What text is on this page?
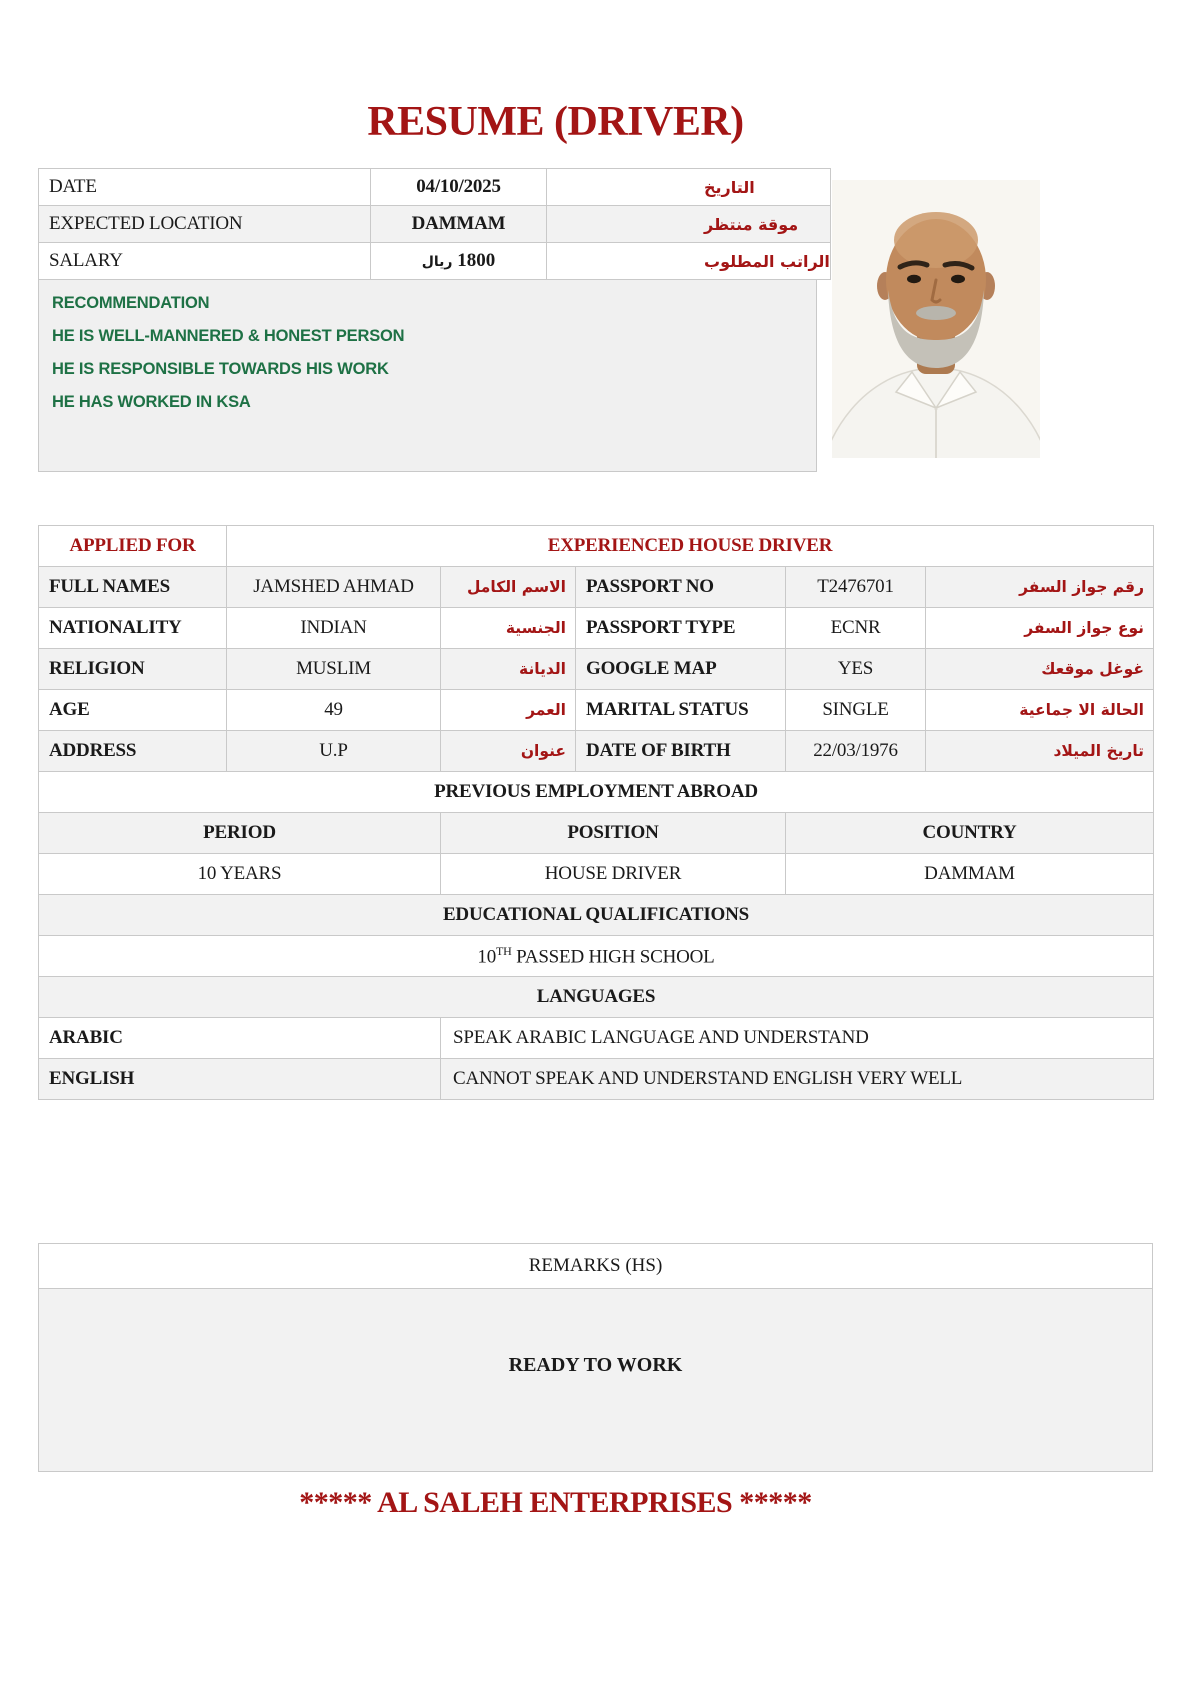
RESUME (DRIVER)
DATE	04/10/2025	التاريخ
EXPECTED LOCATION	DAMMAM	موقة منتظر
SALARY	ريال 1800	الراتب المطلوب

RECOMMENDATION

HE IS WELL-MANNERED & HONEST PERSON

HE IS RESPONSIBLE TOWARDS HIS WORK

HE HAS WORKED IN KSA

APPLIED FOR	EXPERIENCED HOUSE DRIVER				
FULL NAMES	JAMSHED AHMAD	الاسم الكامل	PASSPORT NO	T2476701	رقم جواز السفر
NATIONALITY	INDIAN	الجنسية	PASSPORT TYPE	ECNR	نوع جواز السفر
RELIGION	MUSLIM	الديانة	GOOGLE MAP	YES	غوغل موقعك
AGE	49	العمر	MARITAL STATUS	SINGLE	الحالة الا جماعية
ADDRESS	U.P	عنوان	DATE OF BIRTH	22/03/1976	تاريخ الميلاد
PREVIOUS EMPLOYMENT ABROAD					
PERIOD		POSITION		COUNTRY	
10 YEARS		HOUSE DRIVER		DAMMAM	
EDUCATIONAL QUALIFICATIONS					
10TH PASSED HIGH SCHOOL					
LANGUAGES					
ARABIC		SPEAK ARABIC LANGUAGE AND UNDERSTAND			
ENGLISH		CANNOT SPEAK AND UNDERSTAND ENGLISH VERY WELL			
REMARKS (HS)
READY TO WORK
***** AL SALEH ENTERPRISES *****
